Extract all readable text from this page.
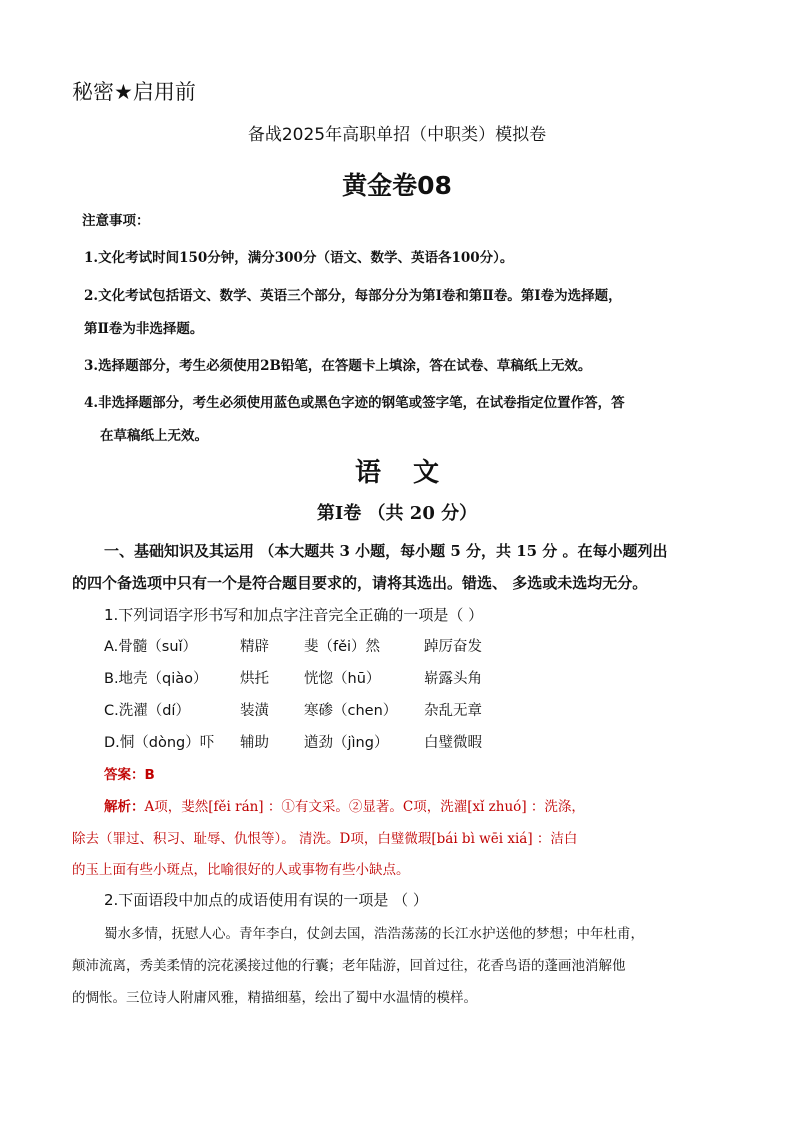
秘密★启用前
备战2025年高职单招（中职类）模拟卷
黄金卷08
注意事项：
1.文化考试时间150分钟，满分300分（语文、数学、英语各100分）。
2.文化考试包括语文、数学、英语三个部分，每部分分为第Ⅰ卷和第Ⅱ卷。第Ⅰ卷为选择题，
第Ⅱ卷为非选择题。
3.选择题部分，考生必须使用2B铅笔，在答题卡上填涂，答在试卷、草稿纸上无效。
4.非选择题部分，考生必须使用蓝色或黑色字迹的钢笔或签字笔，在试卷指定位置作答，答
在草稿纸上无效。
语文
第Ⅰ卷 （共 20 分）
一、基础知识及其运用 （本大题共 3 小题，每小题 5 分，共 15 分 。在每小题列出
的四个备选项中只有一个是符合题目要求的，请将其选出。错选、 多选或未选均无分。
1.下列词语字形书写和加点字注音完全正确的一项是（ ）
A.骨髓（suǐ）	精辟 斐（fěi）然	踔厉奋发
B.地壳（qiào） 烘托 恍惚（hū）	崭露头角
C.洗濯（dí）	装潢 寒碜（chen） 杂乱无章
D.恫（dòng）吓 辅助 遒劲（jìng） 白璧微暇
答案：B
解析：A项，斐然[fěi rán] ：①有文采。②显著。C项，洗濯[xǐ zhuó] ：洗涤，
除去（罪过、积习、耻辱、仇恨等）。 清洗。D项，白璧微瑕[bái bì wēi xiá] ：洁白
的玉上面有些小斑点，比喻很好的人或事物有些小缺点。
2.下面语段中加点的成语使用有误的一项是 （ ）
蜀水多情，抚慰人心。青年李白，仗剑去国，浩浩荡荡的长江水护送他的梦想；中年杜甫，
颠沛流离，秀美柔情的浣花溪接过他的行囊；老年陆游，回首过往，花香鸟语的蓬画池消解他
的惆怅。三位诗人附庸风雅，精描细墓，绘出了蜀中水温情的模样。
